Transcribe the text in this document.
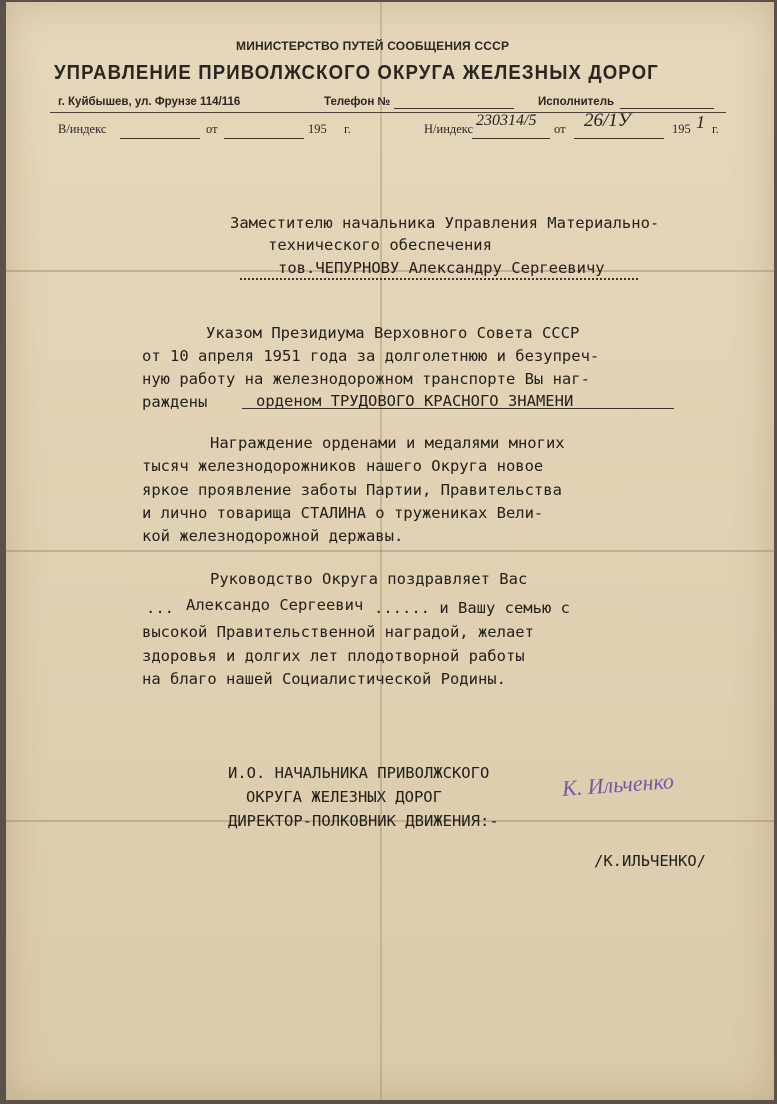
МИНИСТЕРСТВО ПУТЕЙ СООБЩЕНИЯ СССР
УПРАВЛЕНИЕ ПРИВОЛЖСКОГО ОКРУГА ЖЕЛЕЗНЫХ ДОРОГ
г. Куйбышев, ул. Фрунзе 114/116	Телефон №	Исполнитель
В/индекс	от	195 г.	Н/индекс 230314/5 от 26/1У	195 1 г.
Заместителю начальника Управления Материально-
технического обеспечения
тов.ЧЕПУРНОВУ Александру Сергеевичу
Указом Президиума Верховного Совета СССР
от 10 апреля 1951 года за долголетнюю и безупреч-
ную работу на железнодорожном транспорте Вы наг-
раждены	орденом ТРУДОВОГО КРАСНОГО ЗНАМЕНИ
Награждение орденами и медалями многих
тысяч железнодорожников нашего Округа новое
яркое проявление заботы Партии, Правительства
и лично товарища СТАЛИНА о тружениках Вели-
кой железнодорожной державы.
Руководство Округа поздравляет Вас
... Александо Сергеевич ...... и Вашу семью с
высокой Правительственной наградой, желает
здоровья и долгих лет плодотворной работы
на благо нашей Социалистической Родины.
И.О. НАЧАЛЬНИКА ПРИВОЛЖСКОГО
ОКРУГА ЖЕЛЕЗНЫХ ДОРОГ
ДИРЕКТОР-ПОЛКОВНИК ДВИЖЕНИЯ:-
К. Ильченко
/К.ИЛЬЧЕНКО/
